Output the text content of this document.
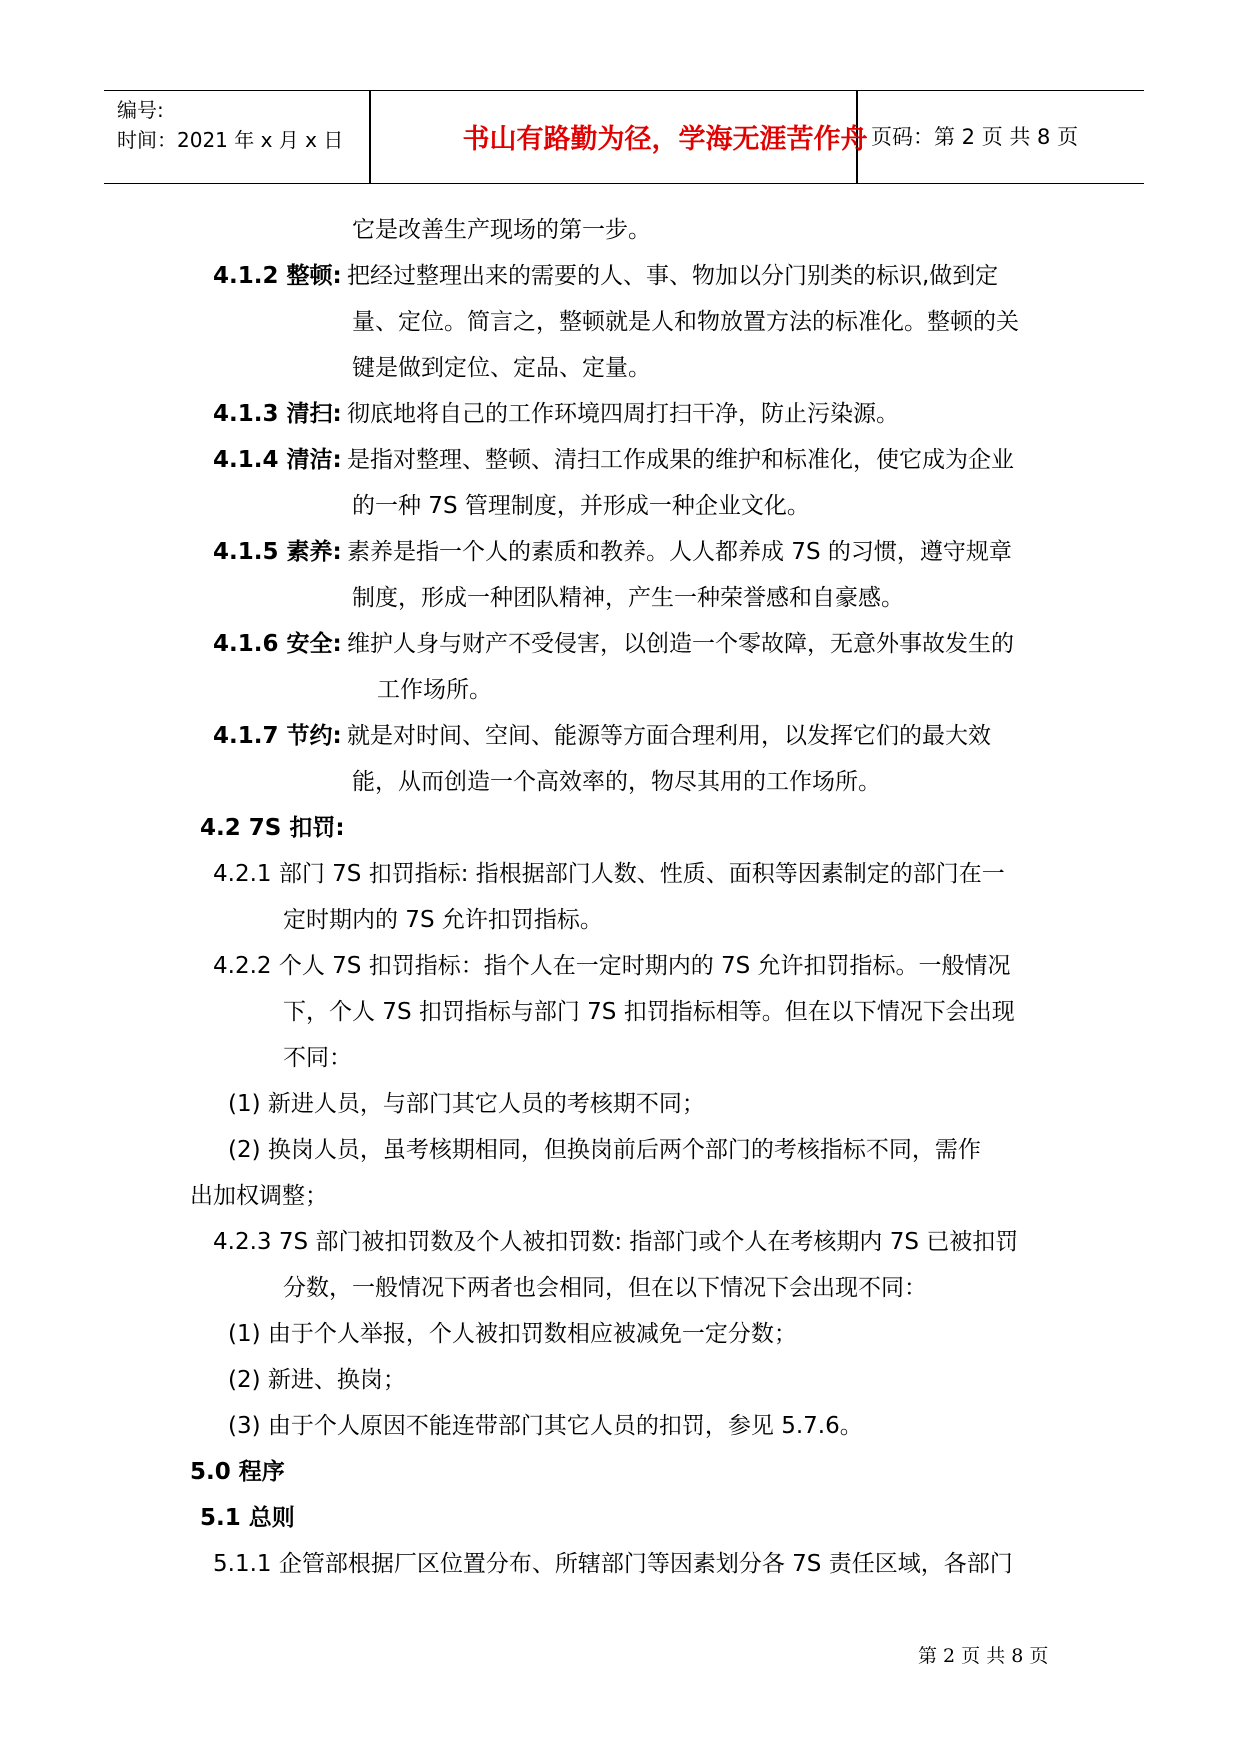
编号:
时间：2021 年 x 月 x 日	书山有路勤为径，学海无涯苦作舟 页码：第 2 页 共 8 页
它是改善生产现场的第一步。
4.1.2 整顿: 把经过整理出来的需要的人、事、物加以分门别类的标识,做到定
量、定位。简言之，整顿就是人和物放置方法的标准化。整顿的关
键是做到定位、定品、定量。
4.1.3 清扫: 彻底地将自己的工作环境四周打扫干净，防止污染源。
4.1.4 清洁: 是指对整理、整顿、清扫工作成果的维护和标准化，使它成为企业
的一种 7S 管理制度，并形成一种企业文化。
4.1.5 素养: 素养是指一个人的素质和教养。人人都养成 7S 的习惯，遵守规章
制度，形成一种团队精神，产生一种荣誉感和自豪感。
4.1.6 安全: 维护人身与财产不受侵害，以创造一个零故障，无意外事故发生的
工作场所。
4.1.7 节约: 就是对时间、空间、能源等方面合理利用，以发挥它们的最大效
能，从而创造一个高效率的，物尽其用的工作场所。
4.2 7S 扣罚:
4.2.1 部门 7S 扣罚指标: 指根据部门人数、性质、面积等因素制定的部门在一
定时期内的 7S 允许扣罚指标。
4.2.2 个人 7S 扣罚指标：指个人在一定时期内的 7S 允许扣罚指标。一般情况
下，个人 7S 扣罚指标与部门 7S 扣罚指标相等。但在以下情况下会出现
不同：
(1) 新进人员，与部门其它人员的考核期不同；
(2) 换岗人员，虽考核期相同，但换岗前后两个部门的考核指标不同，需作
出加权调整；
4.2.3 7S 部门被扣罚数及个人被扣罚数: 指部门或个人在考核期内 7S 已被扣罚
分数，一般情况下两者也会相同，但在以下情况下会出现不同：
(1) 由于个人举报，个人被扣罚数相应被减免一定分数；
(2) 新进、换岗；
(3) 由于个人原因不能连带部门其它人员的扣罚，参见 5.7.6。
5.0 程序
5.1 总则
5.1.1 企管部根据厂区位置分布、所辖部门等因素划分各 7S 责任区域，各部门
第 2 页 共 8 页
